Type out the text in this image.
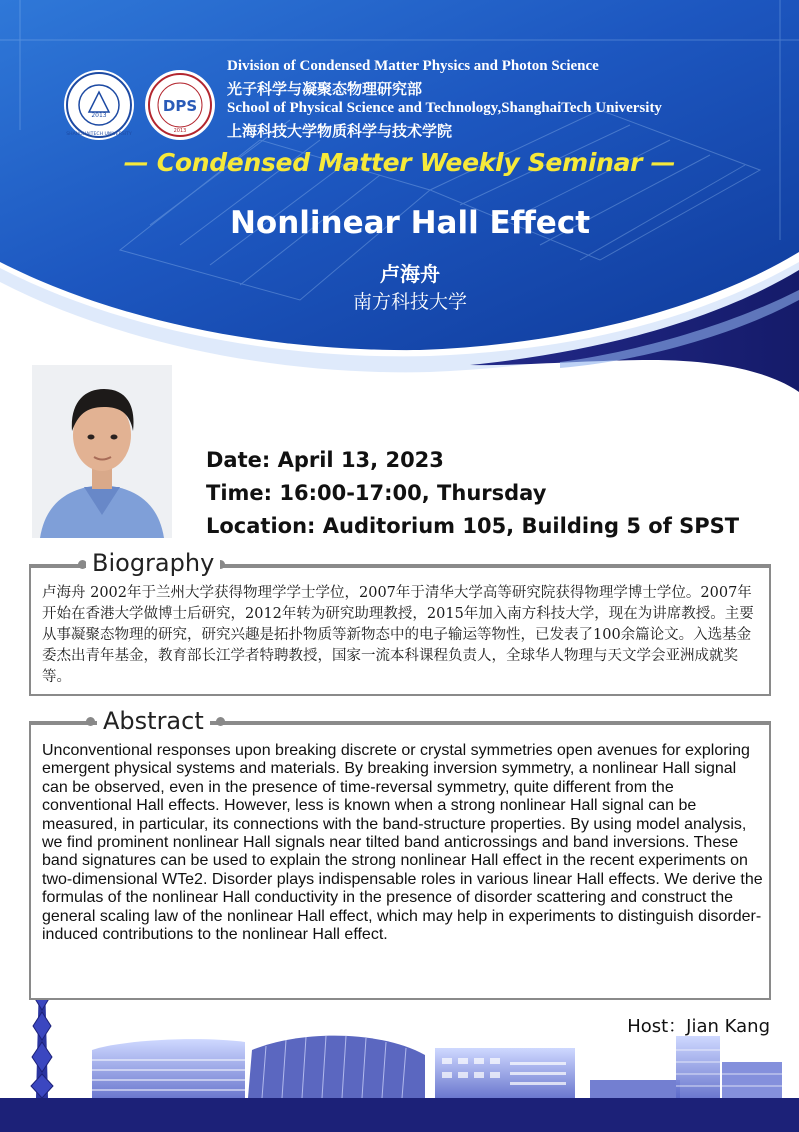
2013
SHANGHAITECH UNIVERSITY
DPS
2013
Division of Condensed Matter Physics and Photon Science
光子科学与凝聚态物理研究部
School of Physical Science and Technology,ShanghaiTech University
上海科技大学物质科学与技术学院
— Condensed Matter Weekly Seminar —
Nonlinear Hall Effect
卢海舟
南方科技大学
Date: April 13, 2023
Time: 16:00-17:00, Thursday
Location: Auditorium 105, Building 5 of SPST
Biography
卢海舟 2002年于兰州大学获得物理学学士学位，2007年于清华大学高等研究院获得物理学博士学位。2007年开始在香港大学做博士后研究，2012年转为研究助理教授，2015年加入南方科技大学，现在为讲席教授。主要从事凝聚态物理的研究，研究兴趣是拓扑物质等新物态中的电子输运等物性，已发表了100余篇论文。入选基金委杰出青年基金，教育部长江学者特聘教授，国家一流本科课程负责人，全球华人物理与天文学会亚洲成就奖等。
Abstract
Unconventional responses upon breaking discrete or crystal symmetries open avenues for exploring emergent physical systems and materials. By breaking inversion symmetry, a nonlinear Hall signal can be observed, even in the presence of time-reversal symmetry, quite different from the conventional Hall effects. However, less is known when a strong nonlinear Hall signal can be measured, in particular, its connections with the band-structure properties. By using model analysis, we find prominent nonlinear Hall signals near tilted band anticrossings and band inversions. These band signatures can be used to explain the strong nonlinear Hall effect in the recent experiments on two-dimensional WTe2. Disorder plays indispensable roles in various linear Hall effects. We derive the formulas of the nonlinear Hall conductivity in the presence of disorder scattering and construct the general scaling law of the nonlinear Hall effect, which may help in experiments to distinguish disorder-induced contributions to the nonlinear Hall effect.
Host：Jian Kang
